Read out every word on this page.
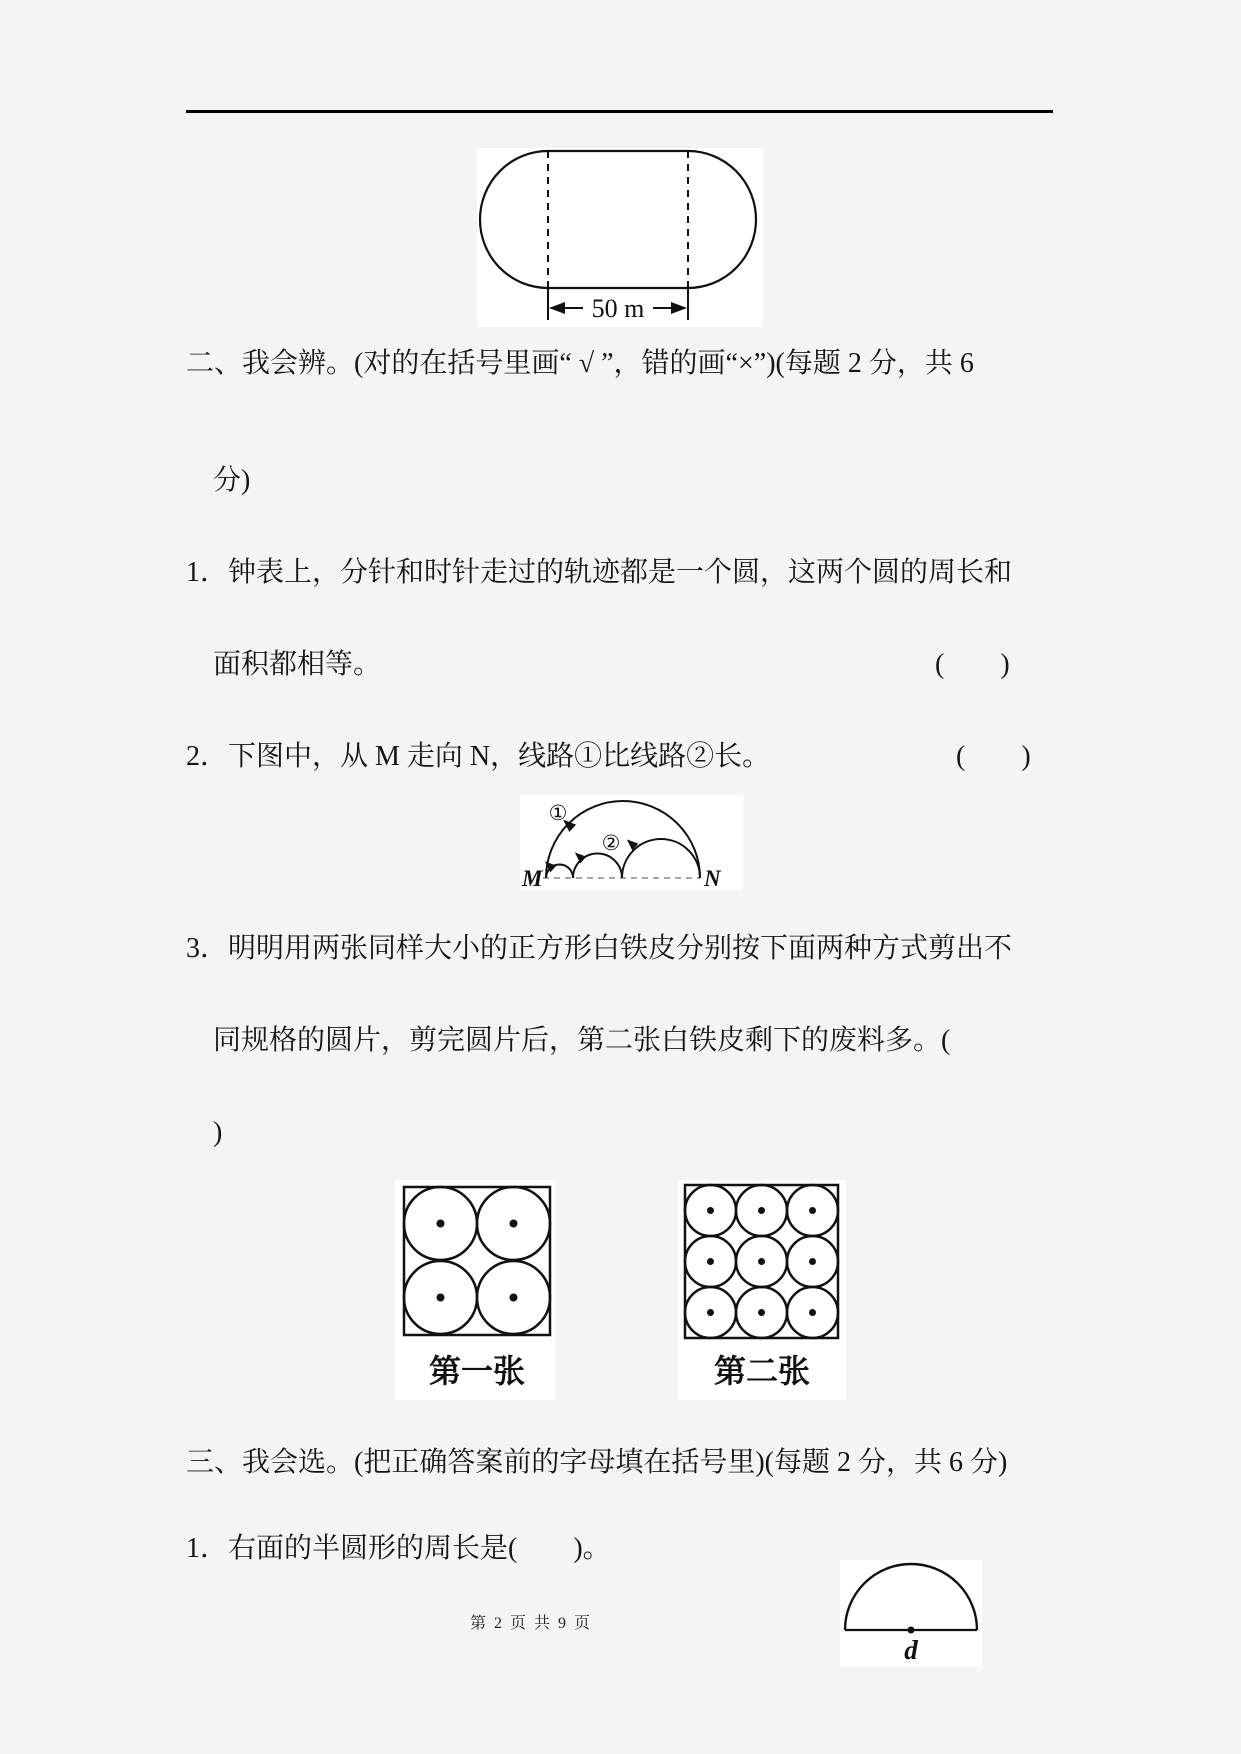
50 m
二、我会辨。(对的在括号里画“ √ ”，错的画“×”)(每题 2 分，共 6
分)
1．钟表上，分针和时针走过的轨迹都是一个圆，这两个圆的周长和
面积都相等。	(　　)
2．下图中，从 M 走向 N，线路①比线路②长。	(　　)
①
②
M	N
3．明明用两张同样大小的正方形白铁皮分别按下面两种方式剪出不
同规格的圆片，剪完圆片后，第二张白铁皮剩下的废料多。(
)
第一张	第二张
三、我会选。(把正确答案前的字母填在括号里)(每题 2 分，共 6 分)
1．右面的半圆形的周长是(　　)。
d
第 2 页 共 9 页
